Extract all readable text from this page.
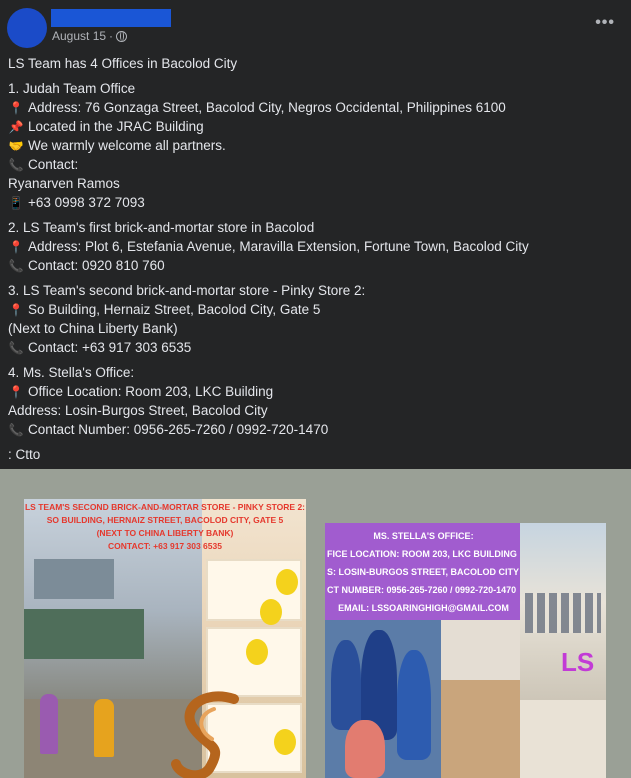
August 15 ·
•••
LS Team has 4 Offices in Bacolod City
1. Judah Team Office
📍 Address: 76 Gonzaga Street, Bacolod City, Negros Occidental, Philippines 6100
📌 Located in the JRAC Building
🤝 We warmly welcome all partners.
📞 Contact:
Ryanarven Ramos
📱 +63 0998 372 7093
2. LS Team's first brick-and-mortar store in Bacolod
📍 Address: Plot 6, Estefania Avenue, Maravilla Extension, Fortune Town, Bacolod City
📞 Contact: 0920 810 760
3. LS Team's second brick-and-mortar store - Pinky Store 2:
📍 So Building, Hernaiz Street, Bacolod City, Gate 5
(Next to China Liberty Bank)
📞 Contact: +63 917 303 6535
4. Ms. Stella's Office:
📍 Office Location: Room 203, LKC Building
Address: Losin-Burgos Street, Bacolod City
📞 Contact Number: 0956-265-7260 / 0992-720-1470
: Ctto
LS TEAM'S SECOND BRICK-AND-MORTAR STORE - PINKY STORE 2:
SO BUILDING, HERNAIZ STREET, BACOLOD CITY, GATE 5
(NEXT TO CHINA LIBERTY BANK)
CONTACT: +63 917 303 6535
MS. STELLA'S OFFICE:
FICE LOCATION: ROOM 203, LKC BUILDING
S: LOSIN-BURGOS STREET, BACOLOD CITY
CT NUMBER: 0956-265-7260 / 0992-720-1470

EMAIL: LSSOARINGHIGH@GMAIL.COM
LS
